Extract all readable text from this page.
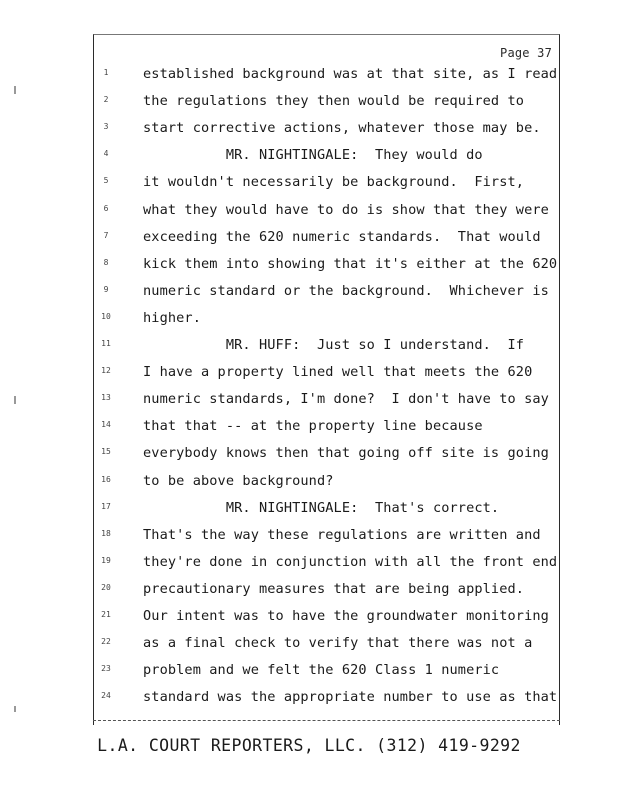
Page 37
1	established background was at that site, as I read
2	the regulations they then would be required to
3	start corrective actions, whatever those may be.
4	MR. NIGHTINGALE:  They would do
5	it wouldn't necessarily be background.  First,
6	what they would have to do is show that they were
7	exceeding the 620 numeric standards.  That would
8	kick them into showing that it's either at the 620
9	numeric standard or the background.  Whichever is
10 higher.
11 MR. HUFF:  Just so I understand.  If
12 I have a property lined well that meets the 620
13 numeric standards, I'm done?  I don't have to say
14 that that -- at the property line because
15 everybody knows then that going off site is going
16 to be above background?
17 MR. NIGHTINGALE:  That's correct.
18 That's the way these regulations are written and
19 they're done in conjunction with all the front end
20 precautionary measures that are being applied.
21 Our intent was to have the groundwater monitoring
22 as a final check to verify that there was not a
23 problem and we felt the 620 Class 1 numeric
24 standard was the appropriate number to use as that
L.A. COURT REPORTERS, LLC. (312) 419-9292
